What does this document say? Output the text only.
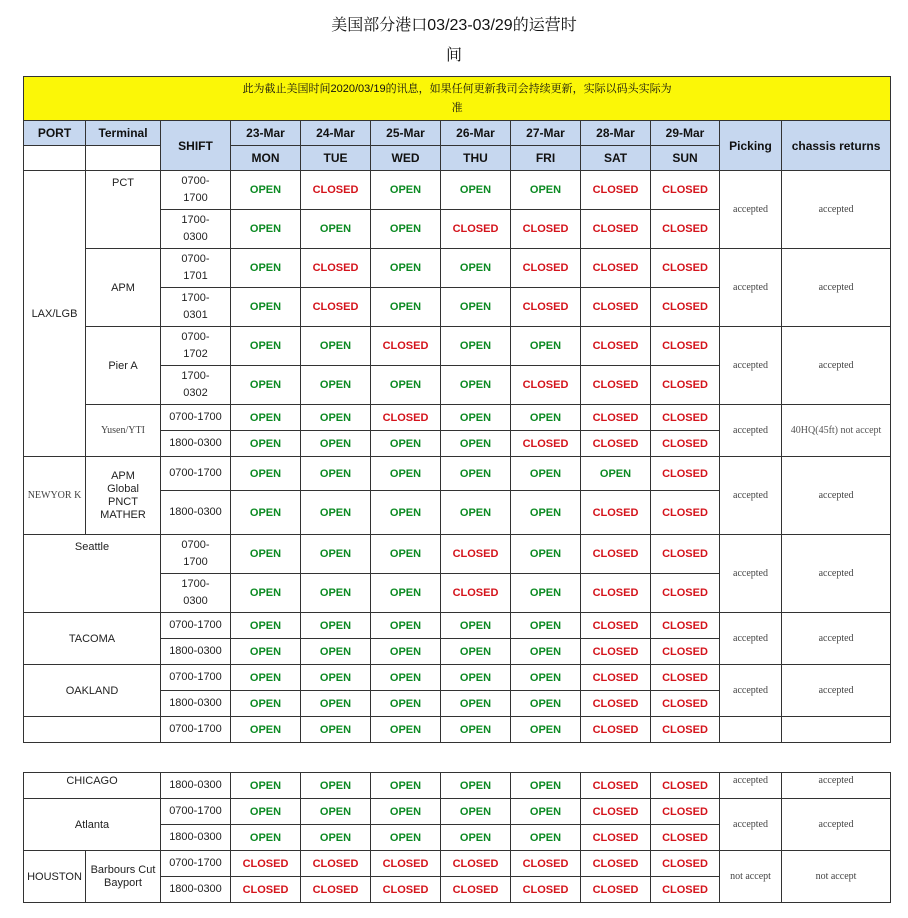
美国部分港口03/23-03/29的运营时
间
此为截止美国时间2020/03/19的讯息，如果任何更新我司会持续更新，实际以码头实际为
准											

PORT	Terminal	SHIFT	23-Mar	24-Mar	25-Mar	26-Mar	27-Mar	28-Mar	29-Mar	Picking	chassis returns
			MON	TUE	WED	THU	FRI	SAT	SUN		
LAX/LGB	PCT	0700-
1700	OPEN	CLOSED	OPEN	OPEN	OPEN	CLOSED	CLOSED	accepted	accepted

		1700-
0300	OPEN	OPEN	OPEN	CLOSED	CLOSED	CLOSED	CLOSED		
	APM	0700-
1701	OPEN	CLOSED	OPEN	OPEN	CLOSED	CLOSED	CLOSED	accepted	accepted

		1700-
0301	OPEN	CLOSED	OPEN	OPEN	CLOSED	CLOSED	CLOSED		
	Pier A	0700-
1702	OPEN	OPEN	CLOSED	OPEN	OPEN	CLOSED	CLOSED	accepted	accepted

		1700-
0302	OPEN	OPEN	OPEN	OPEN	CLOSED	CLOSED	CLOSED		
	Yusen/YTI	0700-1700	OPEN	OPEN	CLOSED	OPEN	OPEN	CLOSED	CLOSED	accepted	40HQ(45ft) not accept
		1800-0300	OPEN	OPEN	OPEN	OPEN	CLOSED	CLOSED	CLOSED		
NEWYOR K	APM
Global
PNCT
MATHER	0700-1700	OPEN	OPEN	OPEN	OPEN	OPEN	OPEN	CLOSED	accepted	accepted
		1800-0300	OPEN	OPEN	OPEN	OPEN	OPEN	CLOSED	CLOSED		
Seattle		0700-
1700	OPEN	OPEN	OPEN	CLOSED	OPEN	CLOSED	CLOSED	accepted	accepted

		1700-
0300	OPEN	OPEN	OPEN	CLOSED	OPEN	CLOSED	CLOSED		
TACOMA		0700-1700	OPEN	OPEN	OPEN	OPEN	OPEN	CLOSED	CLOSED	accepted	accepted
		1800-0300	OPEN	OPEN	OPEN	OPEN	OPEN	CLOSED	CLOSED		
OAKLAND		0700-1700	OPEN	OPEN	OPEN	OPEN	OPEN	CLOSED	CLOSED	accepted	accepted
		1800-0300	OPEN	OPEN	OPEN	OPEN	OPEN	CLOSED	CLOSED		
		0700-1700	OPEN	OPEN	OPEN	OPEN	OPEN	CLOSED	CLOSED		
CHICAGO		1800-0300	OPEN	OPEN	OPEN	OPEN	OPEN	CLOSED	CLOSED	accepted	accepted
Atlanta		0700-1700	OPEN	OPEN	OPEN	OPEN	OPEN	CLOSED	CLOSED	accepted	accepted
		1800-0300	OPEN	OPEN	OPEN	OPEN	OPEN	CLOSED	CLOSED		
HOUSTON	Barbours Cut
Bayport	0700-1700	CLOSED	CLOSED	CLOSED	CLOSED	CLOSED	CLOSED	CLOSED	not accept	not accept
		1800-0300	CLOSED	CLOSED	CLOSED	CLOSED	CLOSED	CLOSED	CLOSED		
